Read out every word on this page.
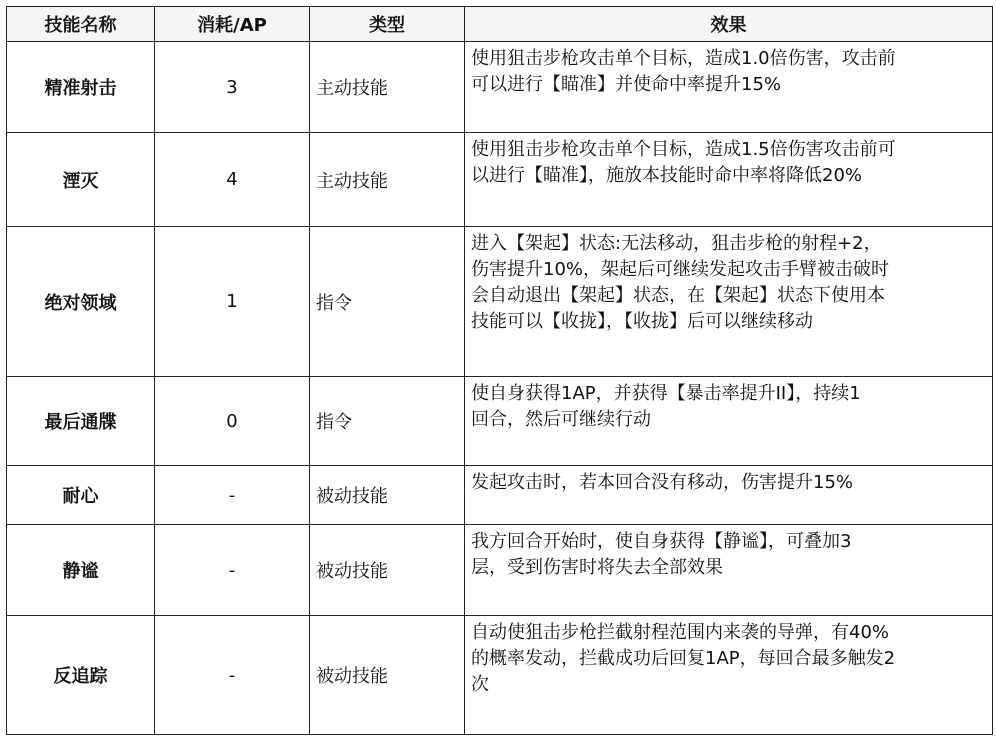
技能名称	消耗/AP	类型	效果
精准射击	3	主动技能	使用狙击步枪攻击单个目标，造成1.0倍伤害，攻击前
可以进行【瞄准】并使命中率提升15%

湮灭	4	主动技能	使用狙击步枪攻击单个目标，造成1.5倍伤害攻击前可
以进行【瞄准】，施放本技能时命中率将降低20%

绝对领域	1	指令	进入【架起】状态:无法移动，狙击步枪的射程+2，
伤害提升10%，架起后可继续发起攻击手臂被击破时
会自动退出【架起】状态，在【架起】状态下使用本
技能可以【收拢】，【收拢】后可以继续移动

最后通牒	0	指令	使自身获得1AP，并获得【暴击率提升II】，持续1
回合，然后可继续行动

耐心	-	被动技能	发起攻击时，若本回合没有移动，伤害提升15%

静谧	-	被动技能	我方回合开始时，使自身获得【静谧】，可叠加3
层，受到伤害时将失去全部效果

反追踪	-	被动技能	自动使狙击步枪拦截射程范围内来袭的导弹，有40%
的概率发动，拦截成功后回复1AP，每回合最多触发2
次
